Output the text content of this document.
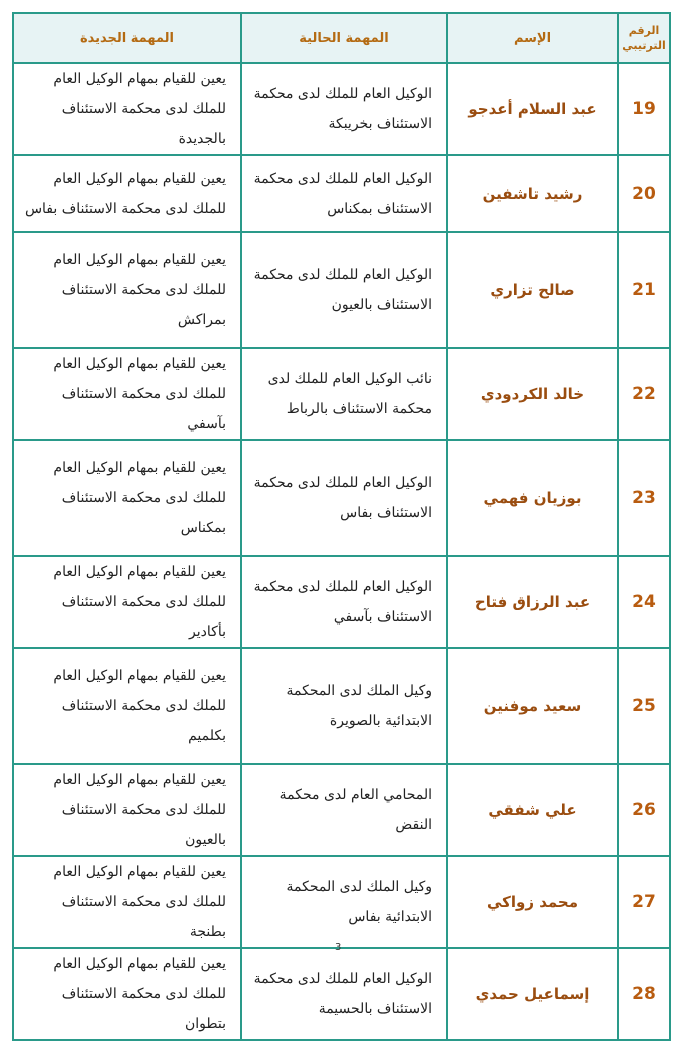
الرقم الترتيبي	الإسم	المهمة الحالية	المهمة الجديدة
19	عبد السلام أعدجو	الوكيل العام للملك لدى محكمة الاستئناف بخريبكة	يعين للقيام بمهام الوكيل العام للملك لدى محكمة الاستئناف بالجديدة
20	رشيد تاشفين	الوكيل العام للملك لدى محكمة الاستئناف بمكناس	يعين للقيام بمهام الوكيل العام للملك لدى محكمة الاستئناف بفاس
21	صالح تزاري	الوكيل العام للملك لدى محكمة الاستئناف بالعيون	يعين للقيام بمهام الوكيل العام للملك لدى محكمة الاستئناف بمراكش
22	خالد الكردودي	نائب الوكيل العام للملك لدى محكمة الاستئناف بالرباط	يعين للقيام بمهام الوكيل العام للملك لدى محكمة الاستئناف بآسفي
23	بوزيان فهمي	الوكيل العام للملك لدى محكمة الاستئناف بفاس	يعين للقيام بمهام الوكيل العام للملك لدى محكمة الاستئناف بمكناس
24	عبد الرزاق فتاح	الوكيل العام للملك لدى محكمة الاستئناف بآسفي	يعين للقيام بمهام الوكيل العام للملك لدى محكمة الاستئناف بأكادير
25	سعيد موفنين	وكيل الملك لدى المحكمة الابتدائية بالصويرة	يعين للقيام بمهام الوكيل العام للملك لدى محكمة الاستئناف بكلميم
26	علي شفقي	المحامي العام لدى محكمة النقض	يعين للقيام بمهام الوكيل العام للملك لدى محكمة الاستئناف بالعيون
27	محمد زواكي	وكيل الملك لدى المحكمة الابتدائية بفاس	يعين للقيام بمهام الوكيل العام للملك لدى محكمة الاستئناف بطنجة
28	إسماعيل حمدي	الوكيل العام للملك لدى محكمة الاستئناف بالحسيمة	يعين للقيام بمهام الوكيل العام للملك لدى محكمة الاستئناف بتطوان
3
